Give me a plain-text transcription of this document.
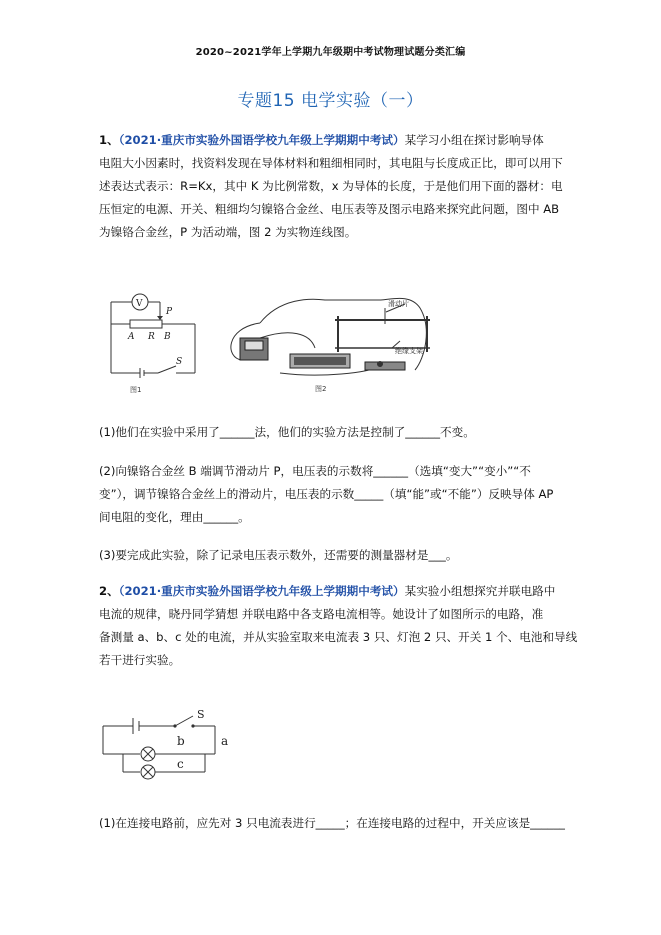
2020~2021学年上学期九年级期中考试物理试题分类汇编
专题15 电学实验（一）
1、（2021·重庆市实验外国语学校九年级上学期期中考试）某学习小组在探讨影响导体
电阻大小因素时，找资料发现在导体材料和粗细相同时，其电阻与长度成正比，即可以用下
述表达式表示：R=Kx，其中 K 为比例常数，x 为导体的长度，于是他们用下面的器材：电
压恒定的电源、开关、粗细均匀镍铬合金丝、电压表等及图示电路来探究此问题，图中 AB
为镍铬合金丝，P 为活动端，图 2 为实物连线图。
V
P
A R B
S
图1
滑动片
绝缘支架
图2
(1)他们在实验中采用了______法，他们的实验方法是控制了______不变。
(2)向镍铬合金丝 B 端调节滑动片 P，电压表的示数将______（选填“变大”“变小”“不
变”），调节镍铬合金丝上的滑动片，电压表的示数_____（填“能”或“不能”）反映导体 AP
间电阻的变化，理由______。
(3)要完成此实验，除了记录电压表示数外，还需要的测量器材是___。
2、（2021·重庆市实验外国语学校九年级上学期期中考试）某实验小组想探究并联电路中
电流的规律，晓丹同学猜想 并联电路中各支路电流相等。她设计了如图所示的电路，准
备测量 a、b、c 处的电流，并从实验室取来电流表 3 只、灯泡 2 只、开关 1 个、电池和导线
若干进行实验。
S
b
c
a
(1)在连接电路前，应先对 3 只电流表进行_____；在连接电路的过程中，开关应该是______
